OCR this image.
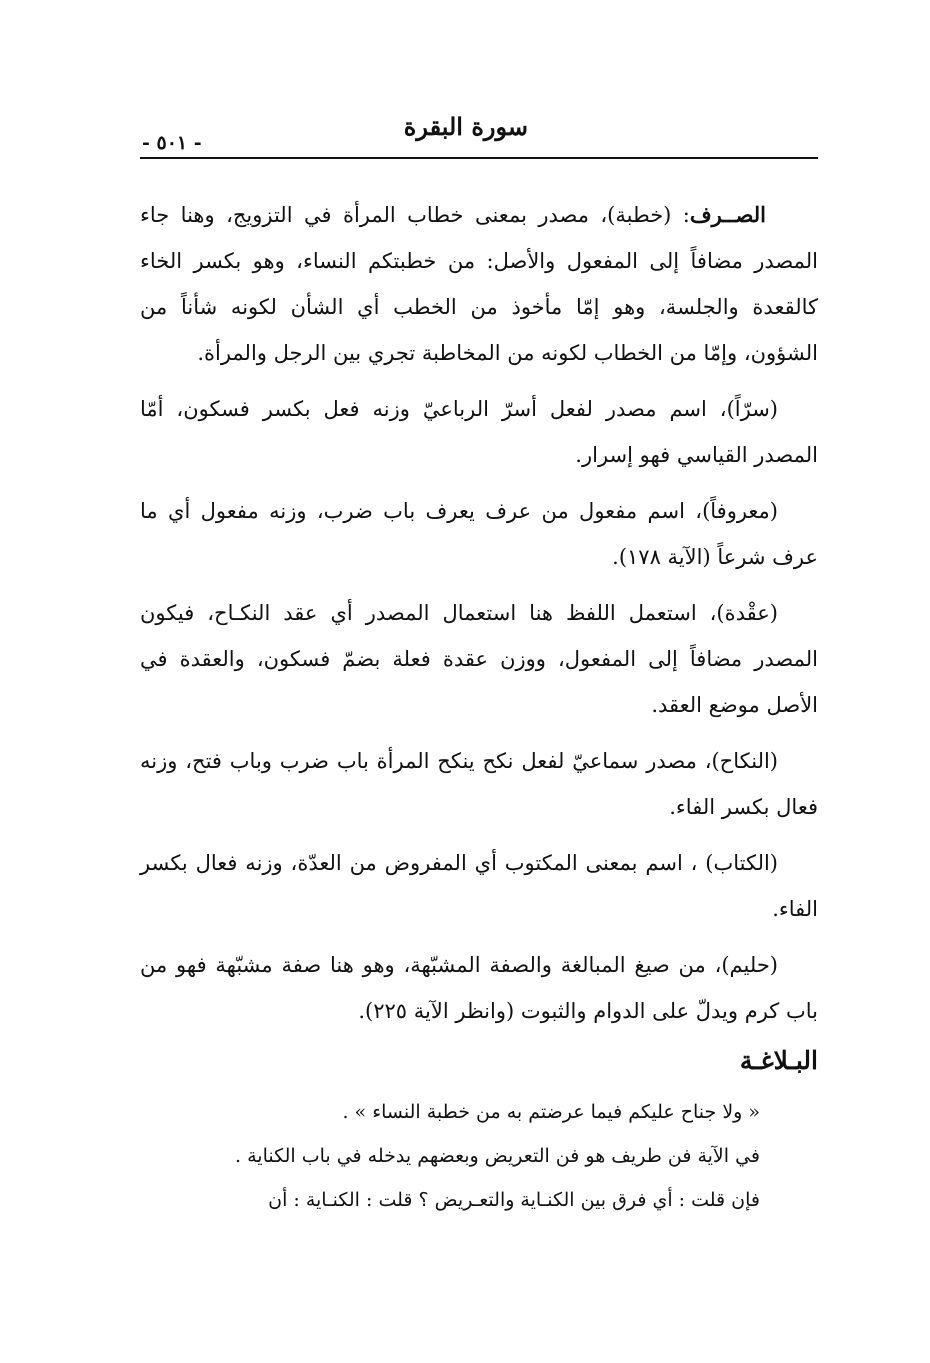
سورة البقرة
- ٥٠١ -

الصــرف: (خطبة)، مصدر بمعنى خطاب المرأة في التزويج، وهنا جاء المصدر مضافاً إلى المفعول والأصل: من خطبتكم النساء، وهو بكسر الخاء كالقعدة والجلسة، وهو إمّا مأخوذ من الخطب أي الشأن لكونه شأناً من الشؤون، وإمّا من الخطاب لكونه من المخاطبة تجري بين الرجل والمرأة.

(سرّاً)، اسم مصدر لفعل أسرّ الرباعيّ وزنه فعل بكسر فسكون، أمّا المصدر القياسي فهو إسرار.

(معروفاً)، اسم مفعول من عرف يعرف باب ضرب، وزنه مفعول أي ما عرف شرعاً (الآية ١٧٨).

(عقْدة)، استعمل اللفظ هنا استعمال المصدر أي عقد النكـاح، فيكون المصدر مضافاً إلى المفعول، ووزن عقدة فعلة بضمّ فسكون، والعقدة في الأصل موضع العقد.

(النكاح)، مصدر سماعيّ لفعل نكح ينكح المرأة باب ضرب وباب فتح، وزنه فعال بكسر الفاء.

(الكتاب) ، اسم بمعنى المكتوب أي المفروض من العدّة، وزنه فعال بكسر الفاء.

(حليم)، من صيغ المبالغة والصفة المشبّهة، وهو هنا صفة مشبّهة فهو من باب كرم ويدلّ على الدوام والثبوت (وانظر الآية ٢٢٥).

البـلاغـة
« ولا جناح عليكم فيما عرضتم به من خطبة النساء » .
في الآية فن طريف هو فن التعريض وبعضهم يدخله في باب الكناية .
فإن قلت : أي فرق بين الكنـاية والتعـريض ؟ قلت : الكنـاية : أن
